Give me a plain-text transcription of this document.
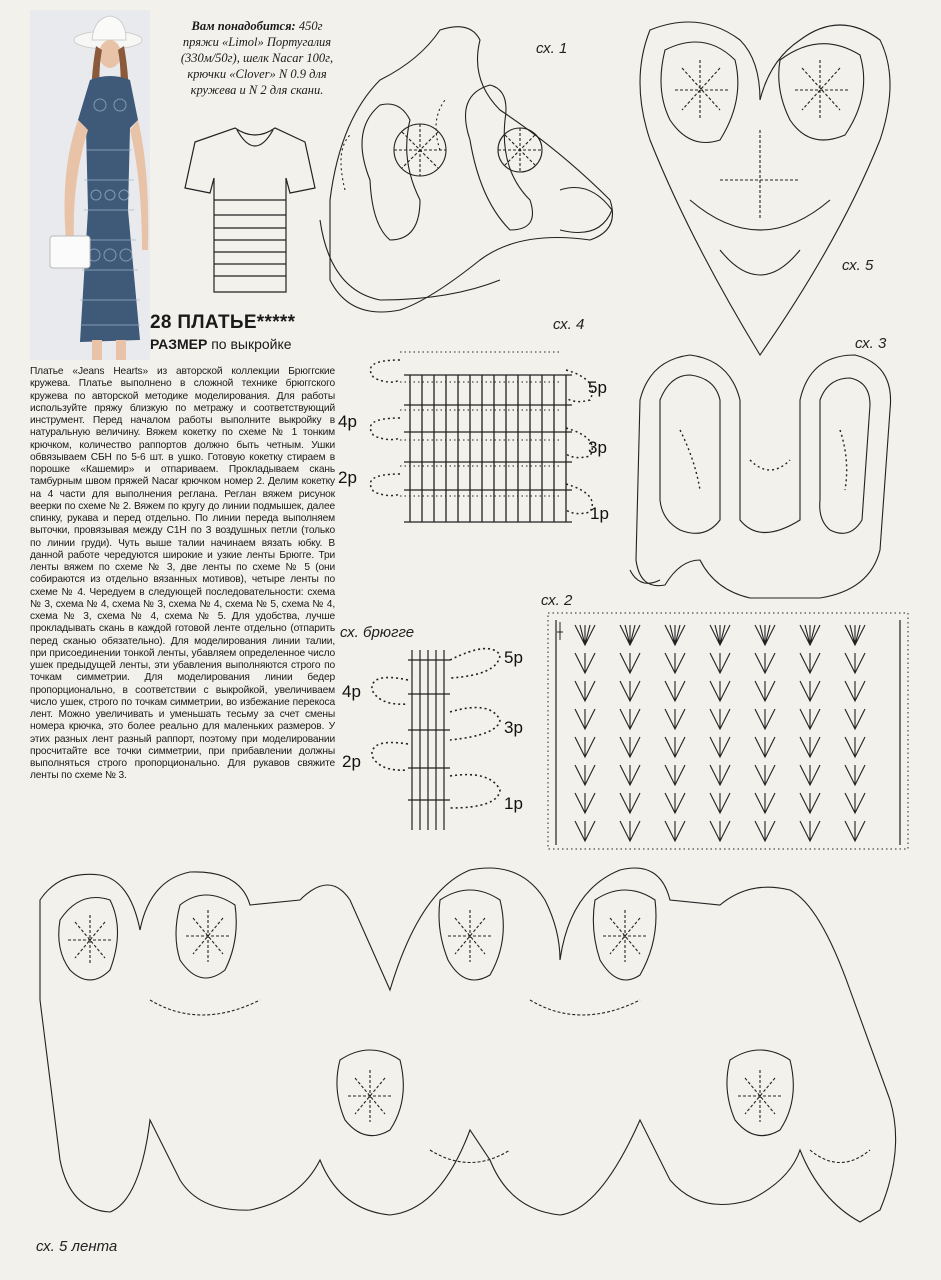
Вам понадобится: 450г пряжи «Limol» Португалия (330м/50г), шелк Nacar 100г, крючки «Clover» N 0.9 для кружева и N 2 для скани.
28 ПЛАТЬЕ*****
РАЗМЕР по выкройке
Платье «Jeans Hearts» из авторской коллекции Брюггские кружева. Платье выполнено в сложной технике брюггского кружева по авторской методике моделирования. Для работы используйте пряжу близкую по метражу и соответствующий инструмент. Перед началом работы выполните выкройку в натуральную величину. Вяжем кокетку по схеме № 1 тонким крючком, количество раппортов должно быть четным. Ушки обвязываем СБН по 5-6 шт. в ушко. Готовую кокетку стираем в порошке «Кашемир» и отпариваем. Прокладываем скань тамбурным швом пряжей Nacar крючком номер 2. Делим кокетку на 4 части для выполнения реглана. Реглан вяжем рисунок веерки по схеме № 2. Вяжем по кругу до линии подмышек, далее спинку, рукава и перед отдельно. По линии переда выполняем выточки, провязывая между С1Н по 3 воздушных петли (только по линии груди). Чуть выше талии начинаем вязать юбку. В данной работе чередуются широкие и узкие ленты Брюгге. Три ленты вяжем по схеме № 3, две ленты по схеме № 5 (они собираются из отдельно вязанных мотивов), четыре ленты по схеме № 4. Чередуем в следующей последовательности: схема № 3, схема № 4, схема № 3, схема № 4, схема № 5, схема № 4, схема № 3, схема № 4, схема № 5. Для удобства, лучше прокладывать скань в каждой готовой ленте отдельно (отпарить перед сканью обязательно). Для моделирования линии талии, при присоединении тонкой ленты, убавляем определенное число ушек предыдущей ленты, эти убавления выполняются строго по точкам симметрии. Для моделирования линии бедер пропорционально, в соответствии с выкройкой, увеличиваем число ушек, строго по точкам симметрии, во избежание перекоса лент. Можно увеличивать и уменьшать тесьму за счет смены номера крючка, это более реально для маленьких размеров. У этих разных лент разный раппорт, поэтому при моделировании просчитайте все точки симметрии, при прибавлении должны выполняться строго пропорционально. Для рукавов свяжите ленты по схеме № 3.
сх. 1
сх. 5
сх. 4
сх. 3
сх. 2
сх. брюгге
сх. 5 лента
5р
4р
3р
2р
1р
5р
4р
3р
2р
1р
